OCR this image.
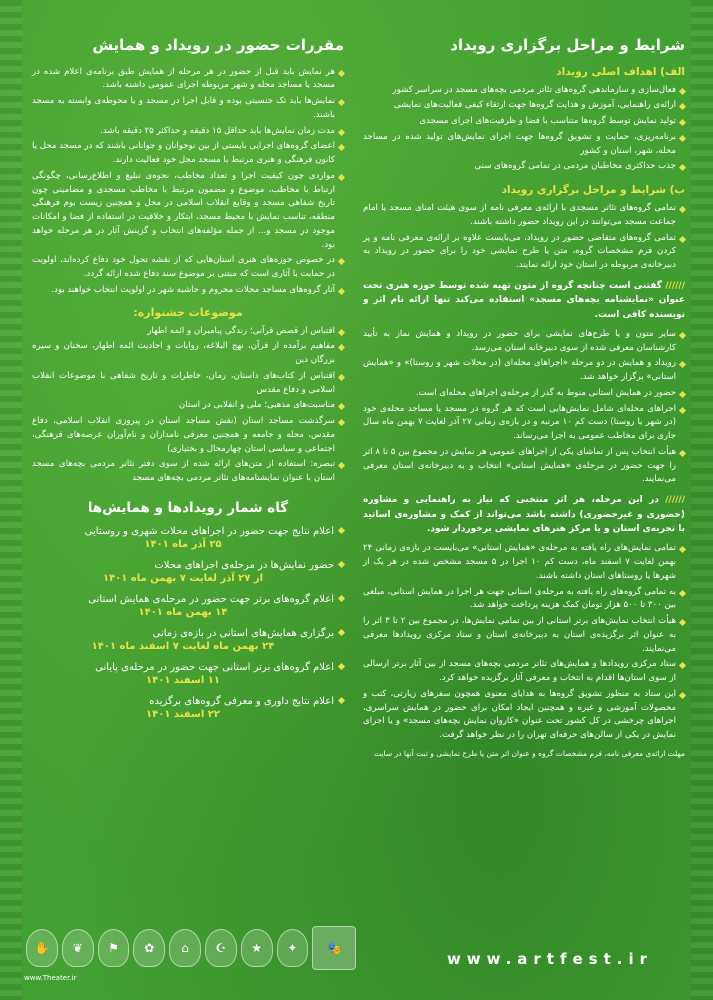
شرایط و مراحل برگزاری رویداد
الف) اهداف اصلی رویداد
فعال‌سازی و سازماندهی گروه‌های تئاتر مردمی بچه‌های مسجد در سراسر کشور
ارائه‌ی راهنمایی، آموزش و هدایت گروه‌ها جهت ارتقاء کیفی فعالیت‌های نمایشی
تولید نمایش توسط گروه‌ها متناسب با فضا و ظرفیت‌های اجرای مسجدی
برنامه‌ریزی، حمایت و تشویق گروه‌ها جهت اجرای نمایش‌های تولید شده در مساجد محله، شهر، استان و کشور
جذب حداکثری مخاطبان مردمی در تمامی گروه‌های سنی
ب) شرایط و مراحل برگزاری رویداد
تمامی گروه‌های تئاتر مسجدی با ارائه‌ی معرفی نامه از سوی هیئت امنای مسجد یا امام جماعت مسجد می‌توانند در این رویداد حضور داشته باشند.
تمامی گروه‌های متقاضی حضور در رویداد، می‌بایست علاوه بر ارائه‌ی معرفی نامه و پر کردن فرم مشخصات گروه، متن یا طرح نمایشی خود را برای حضور در رویداد به دبیرخانه‌ی مربوطه در استان خود ارائه نمایند.
////// گفتنی است چنانچه گروه از متون تهیه شده توسط حوزه هنری تحت عنوان «نمایشنامه بچه‌های مسجد» استفاده می‌کند تنها ارائه نام اثر و نویسنده کافی است.
سایر متون و یا طرح‌های نمایشی برای حضور در رویداد و همایش نماز به تأیید کارشناسان معرفی شده از سوی دبیرخانه استان می‌رسد.
رویداد و همایش در دو مرحله «اجراهای محله‌ای (در محلات شهر و روستا)» و «همایش استانی» برگزار خواهد شد.
حضور در همایش استانی منوط به گذر از مرحله‌ی اجراهای محله‌ای است.
اجراهای محله‌ای شامل نمایش‌هایی است که هر گروه در مسجد یا مساجد محله‌ی خود (در شهر یا روستا) دست کم ۱۰ مرتبه و در بازه‌ی زمانی ۲۷ آذر لغایت ۷ بهمن ماه سال جاری برای مخاطب عمومی به اجرا می‌رساند.
هیأت انتخاب پس از تماشای یکی از اجراهای عمومی هر نمایش در مجموع بین ۵ تا ۸ اثر را جهت حضور در مرحله‌ی «همایش استانی» انتخاب و به دبیرخانه‌ی استان معرفی می‌نمایند.
////// در این مرحله، هر اثر منتخبی که نیاز به راهنمایی و مشاوره (حضوری و غیرحضوری) داشته باشد می‌تواند از کمک و مشاوره‌ی اساتید با تجربه‌ی استان و یا مرکز هنرهای نمایشی برخوردار شود.
تمامی نمایش‌های راه یافته به مرحله‌ی «همایش استانی» می‌بایست در بازه‌ی زمانی ۲۴ بهمن لغایت ۷ اسفند ماه، دست کم ۱۰ اجرا در ۵ مسجد مشخص شده در هر یک از شهرها یا روستاهای استان داشته باشند.
به تمامی گروه‌های راه یافته به مرحله‌ی استانی جهت هر اجرا در همایش استانی، مبلغی بین ۳۰۰ تا ۵۰۰ هزار تومان کمک هزینه پرداخت خواهد شد.
هیأت انتخاب نمایش‌های برتر استانی از بین تمامی نمایش‌ها، در مجموع بین ۲ تا ۳ اثر را به عنوان اثر برگزیده‌ی استان به دبیرخانه‌ی استان و ستاد مرکزی رویدادها معرفی می‌نمایند.
ستاد مرکزی رویدادها و همایش‌های تئاتر مردمی بچه‌های مسجد از بین آثار برتر ارسالی از سوی استان‌ها اقدام به انتخاب و معرفی آثار برگزیده خواهد کرد.
این ستاد به منظور تشویق گروه‌ها به هدایای معنوی همچون سفرهای زیارتی، کتب و محصولات آموزشی و غیره و همچنین ایجاد امکان برای حضور در همایش سراسری، اجراهای چرخشی در کل کشور تحت عنوان «کاروان نمایش بچه‌های مسجد» و یا اجرای نمایش در یکی از سالن‌های حرفه‌ای تهران را در نظر خواهد گرفت.
مهلت ارائه‌ی معرفی نامه، فرم مشخصات گروه و عنوان اثر متن یا طرح نمایشی و ثبت آنها در سایت
مقررات حضور در رویداد و همایش
هر نمایش باید قبل از حضور در هر مرحله از همایش طبق برنامه‌ی اعلام شده در مسجد یا مساجد محله و شهر مربوطه اجرای عمومی داشته باشد.
نمایش‌ها باید تک جنسیتی بوده و قابل اجرا در مسجد و یا محوطه‌ی وابسته به مسجد باشند.
مدت زمان نمایش‌ها باید حداقل ۱۵ دقیقه و حداکثر ۲۵ دقیقه باشد.
اعضای گروه‌های اجرایی بایستی از بین نوجوانان و جوانانی باشند که در مسجد محل یا کانون فرهنگی و هنری مرتبط با مسجد محل خود فعالیت دارند.
مواردی چون کیفیت اجرا و تعداد مخاطب، نحوه‌ی تبلیغ و اطلاع‌رسانی، چگونگی ارتباط با مخاطب، موضوع و مضمون مرتبط با مخاطب مسجدی و مضامینی چون تاریخ شفاهی مسجد و وقایع انقلاب اسلامی در محل و همچنین زیست بوم فرهنگی منطقه، تناسب نمایش با محیط مسجد، ابتکار و خلاقیت در استفاده از فضا و امکانات موجود در مسجد و... از جمله مؤلفه‌های انتخاب و گزینش آثار در هر مرحله خواهد بود.
در خصوص حوزه‌های هنری استان‌هایی که از نقشه تحول خود دفاع کرده‌اند، اولویت در حمایت با آثاری است که مبتنی بر موضوع سند دفاع شده ارائه گردد.
آثار گروه‌های مساجد محلات محروم و حاشیه شهر در اولویت انتخاب خواهند بود.
موضوعات جشنواره:
اقتباس از قصص قرآنی؛ زندگی پیامبران و ائمه اطهار
مفاهیم برآمده از قرآن، نهج البلاغه، روایات و احادیث ائمه اطهار، سخنان و سیره بزرگان دین
اقتباس از کتاب‌های داستان، رمان، خاطرات و تاریخ شفاهی با موضوعات انقلاب اسلامی و دفاع مقدس
مناسبت‌های مذهبی؛ ملی و انقلابی در استان
سرگذشت مساجد استان (نقش مساجد استان در پیروزی انقلاب اسلامی، دفاع مقدس، محله و جامعه و همچنین معرفی نامداران و نام‌آوران عرصه‌های فرهنگی، اجتماعی و سیاسی استان چهارمحال و بختیاری)
تبصره: استفاده از متن‌های ارائه شده از سوی دفتر تئاتر مردمی بچه‌های مسجد استان با عنوان نمایشنامه‌های تئاتر مردمی بچه‌های مسجد
گاه شمار رویدادها و همایش‌ها
اعلام نتایج جهت حضور در اجراهای محلات شهری و روستایی
۲۵ آذر ماه ۱۴۰۱
حضور نمایش‌ها در مرحله‌ی اجراهای محلات
از ۲۷ آذر لغایت ۷ بهمن ماه ۱۴۰۱
اعلام گروه‌های برتر جهت حضور در مرحله‌ی همایش استانی
۱۴ بهمن ماه ۱۴۰۱
برگزاری همایش‌های استانی در بازه‌ی زمانی
۲۴ بهمن ماه لغایت ۷ اسفند ماه ۱۴۰۱
اعلام گروه‌های برتر استانی جهت حضور در مرحله‌ی پایانی
۱۱ اسفند ۱۴۰۱
اعلام نتایج داوری و معرفی گروه‌های برگزیده
۲۲ اسفند ۱۴۰۱
www.artfest.ir
🎭
✦
★
☪
⌂
✿
⚑
❦
✋
www.Theater.ir
